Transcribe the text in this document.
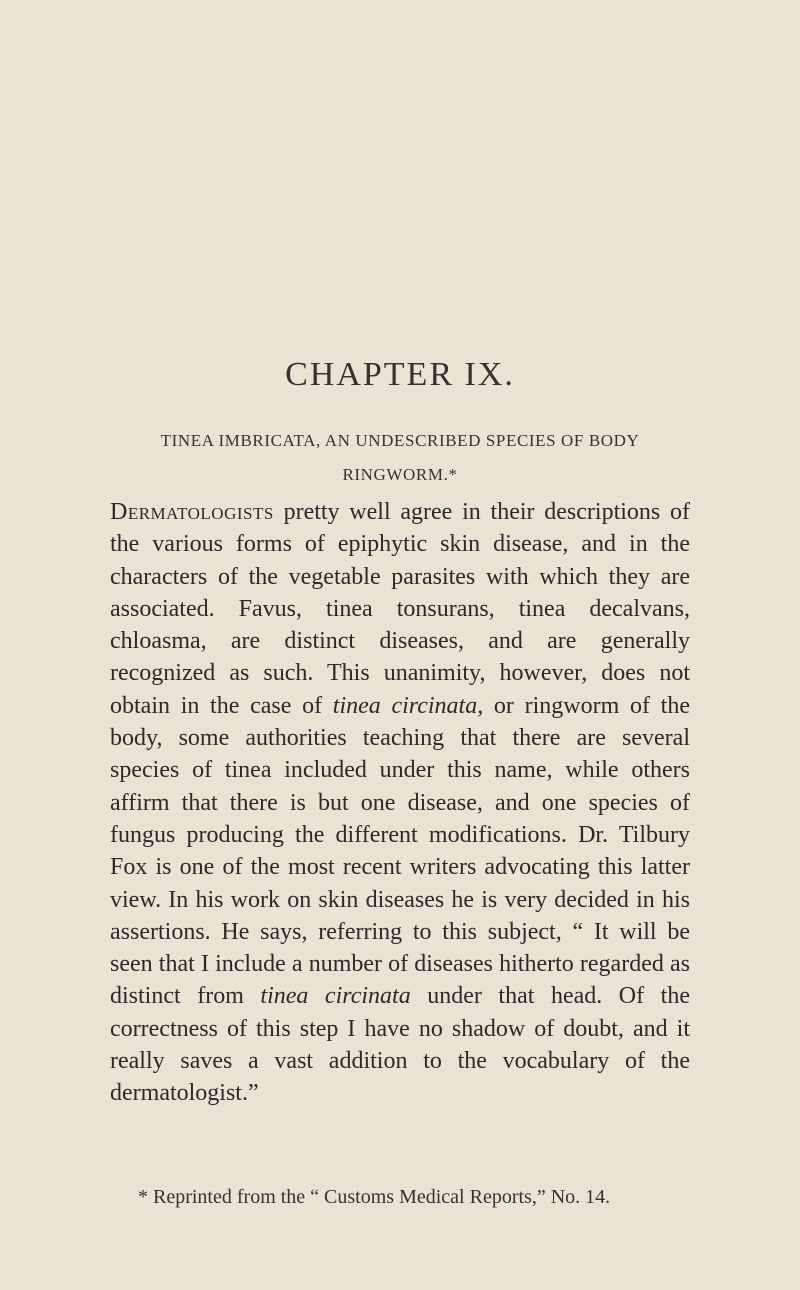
CHAPTER IX.
TINEA IMBRICATA, AN UNDESCRIBED SPECIES OF BODY RINGWORM.*

Dermatologists pretty well agree in their descriptions of the various forms of epiphytic skin disease, and in the characters of the vegetable parasites with which they are associated. Favus, tinea tonsurans, tinea decalvans, chloasma, are distinct diseases, and are generally recognized as such. This unanimity, however, does not obtain in the case of tinea circinata, or ringworm of the body, some authorities teaching that there are several species of tinea included under this name, while others affirm that there is but one disease, and one species of fungus producing the different modifications. Dr. Tilbury Fox is one of the most recent writers advocating this latter view. In his work on skin diseases he is very decided in his assertions. He says, referring to this subject, “ It will be seen that I include a number of diseases hitherto regarded as distinct from tinea circinata under that head. Of the correctness of this step I have no shadow of doubt, and it really saves a vast addition to the vocabulary of the dermatologist.”

* Reprinted from the “ Customs Medical Reports,” No. 14.
